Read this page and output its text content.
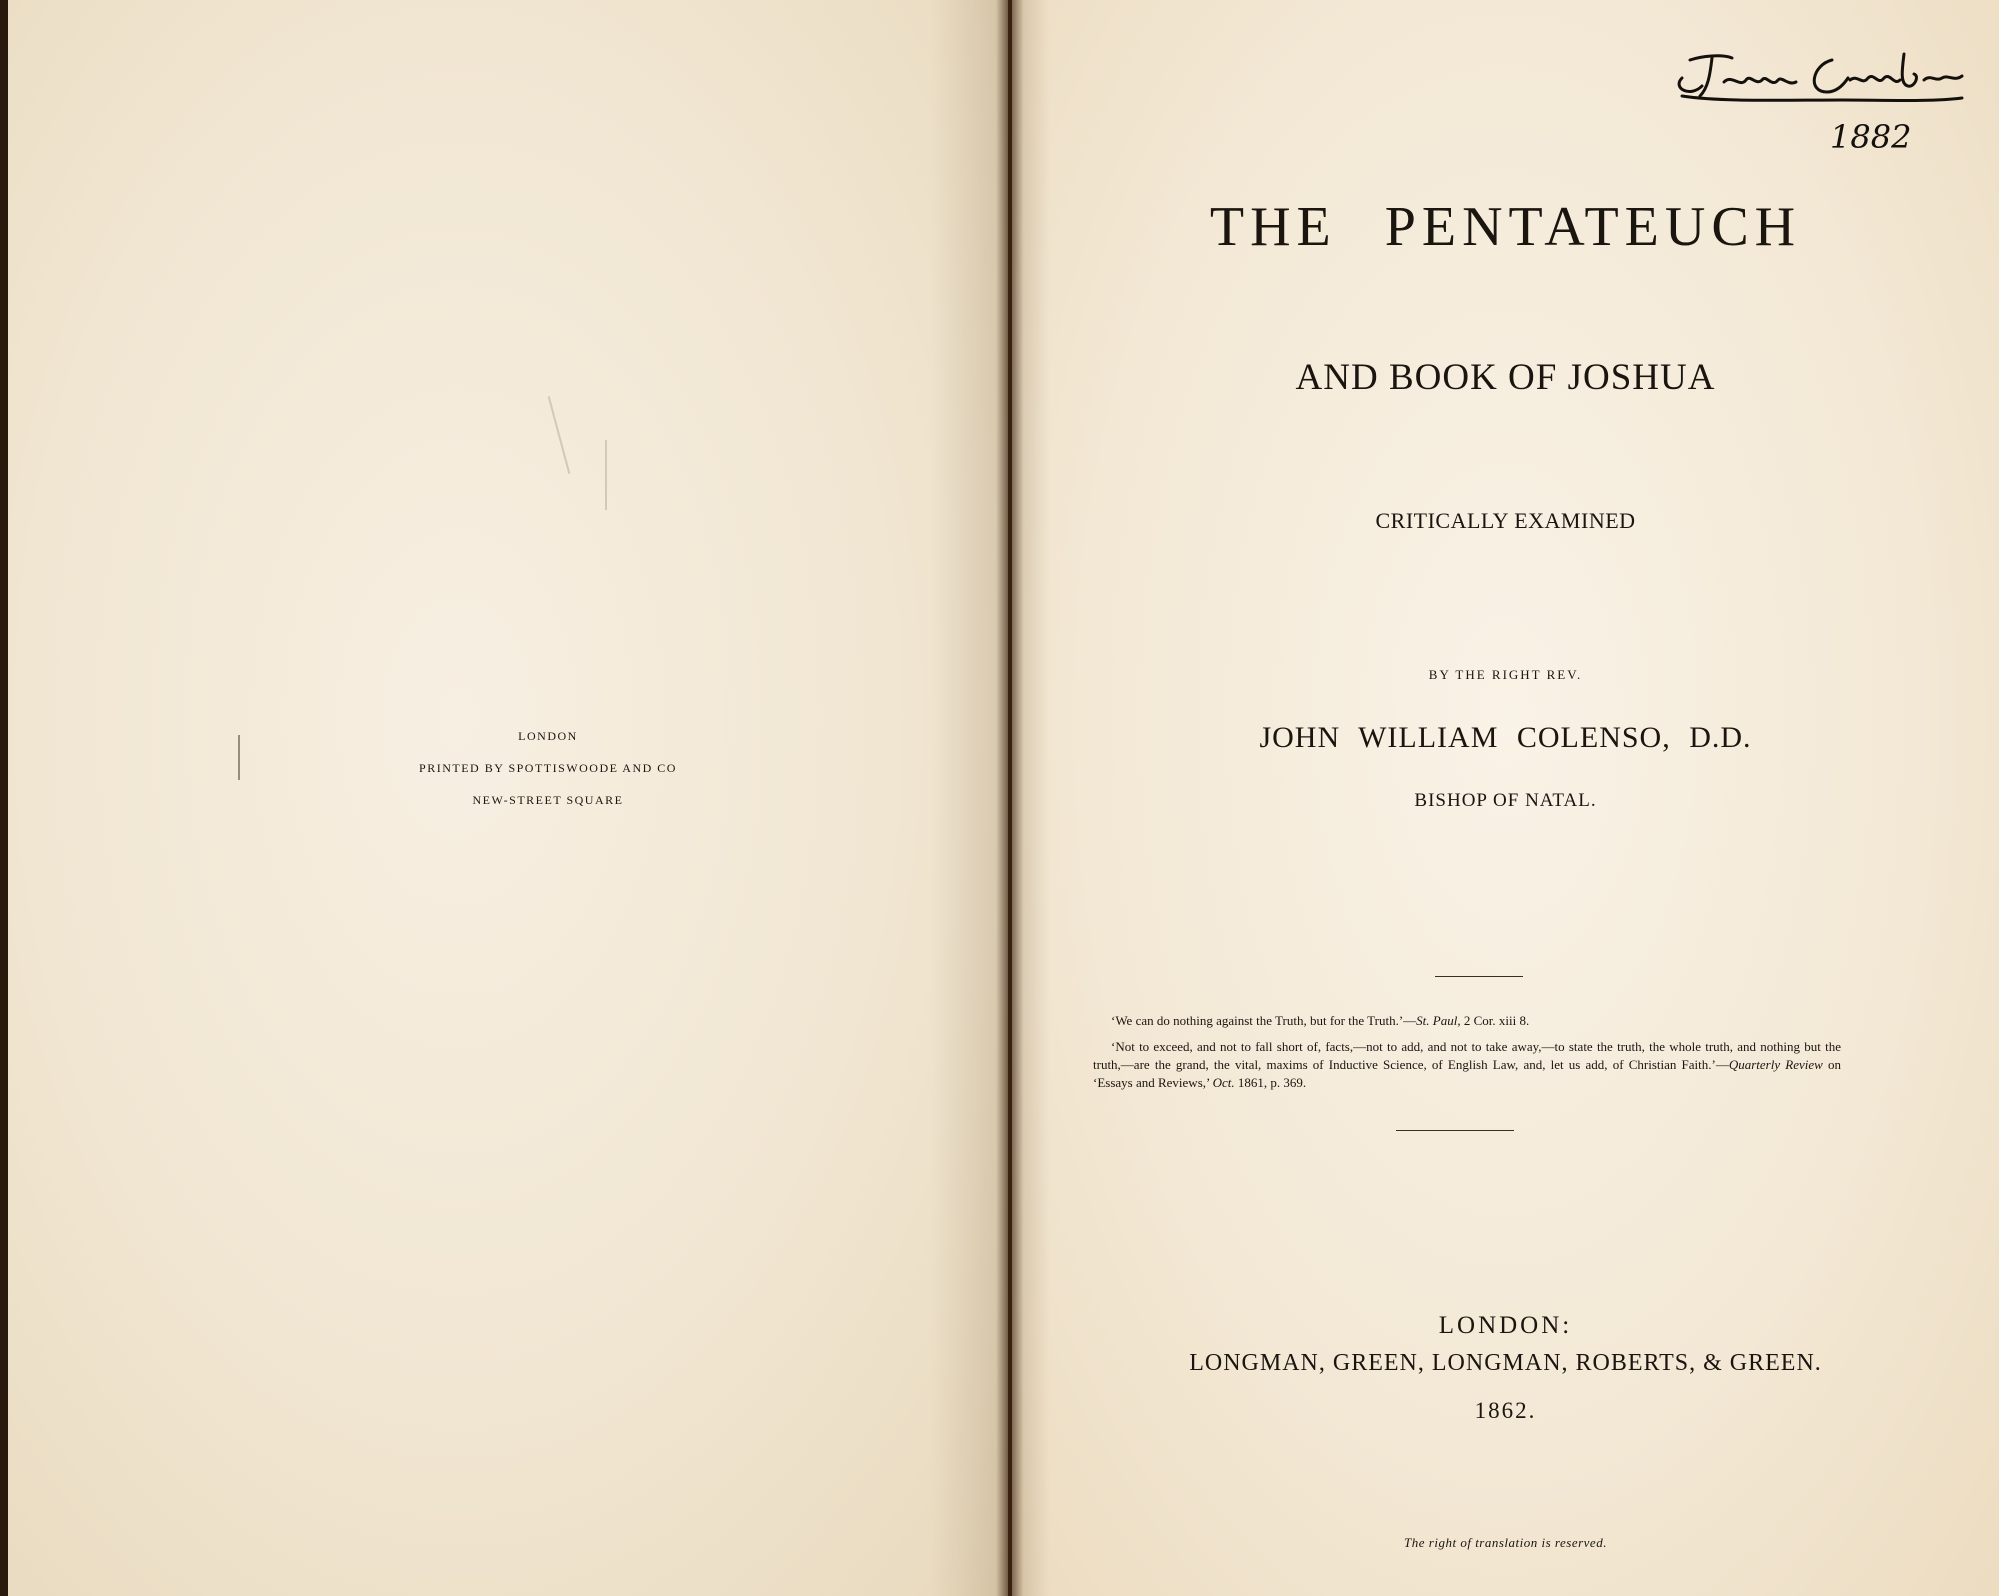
LONDON
PRINTED BY SPOTTISWOODE AND CO
NEW-STREET SQUARE
1882
THE PENTATEUCH
AND BOOK OF JOSHUA
CRITICALLY EXAMINED
BY THE RIGHT REV.
JOHN WILLIAM COLENSO, D.D.
BISHOP OF NATAL.
‘We can do nothing against the Truth, but for the Truth.’—St. Paul, 2 Cor. xiii 8.
‘Not to exceed, and not to fall short of, facts,—not to add, and not to take away,—to state the truth, the whole truth, and nothing but the truth,—are the grand, the vital, maxims of Inductive Science, of English Law, and, let us add, of Christian Faith.’—Quarterly Review on ‘Essays and Reviews,’ Oct. 1861, p. 369.
LONDON:
LONGMAN, GREEN, LONGMAN, ROBERTS, & GREEN.
1862.
The right of translation is reserved.
